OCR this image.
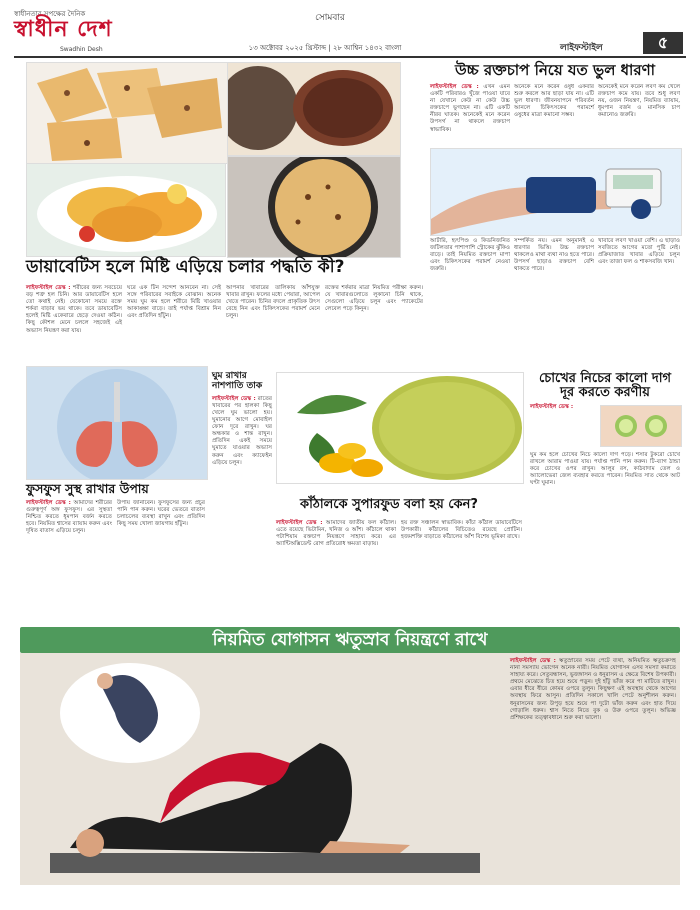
স্বাধীনতার সপক্ষের দৈনিক
স্বাধীন দেশ
Swadhin Desh
সোমবার
১৩ অক্টোবর ২০২৫ খ্রিস্টাব্দ | ২৮ আশ্বিন ১৪৩২ বাংলা	লাইফস্টাইল	৫
ডায়াবেটিস হলে মিষ্টি এড়িয়ে চলার পদ্ধতি কী?
লাইফস্টাইল ডেস্ক : শরীরের জন্য সবচেয়ে বড় শত্রু হল চিনি। আর ডায়াবেটিস হলে তো কথাই নেই। যেকোনো সময়ে রক্তে শর্করা বাড়ার ভয় থাকে। তবে ডায়াবেটিস হলেই মিষ্টি একেবারে ছেড়ে দেওয়া কঠিন। কিছু কৌশল মেনে চললে সহজেই এই অভ্যাস নিয়ন্ত্রণ করা যায়।
ঘরে এক টিন সন্দেশ আনবেন না। সেই সঙ্গে পরিবারের সবাইকে বোঝান। অনেক সময় ঘুম কম হলে শরীরে মিষ্টি খাওয়ার আকাঙ্ক্ষা বাড়ে। তাই পর্যাপ্ত বিশ্রাম নিন এবং প্রতিদিন হাঁটুন।
আপনার খাবারের তালিকায় আঁশযুক্ত খাবার রাখুন। ফলের মধ্যে পেয়ারা, আপেল খেতে পারেন। চিনির বদলে প্রাকৃতিক উৎস বেছে নিন এবং চিকিৎসকের পরামর্শ মেনে চলুন।
রক্তের শর্করার মাত্রা নিয়মিত পরীক্ষা করুন। যে খাবারগুলোতে লুকানো চিনি থাকে, সেগুলো এড়িয়ে চলুন এবং প্যাকেটের লেবেল পড়ে কিনুন।
উচ্চ রক্তচাপ নিয়ে যত ভুল ধারণা
লাইফস্টাইল ডেস্ক : এখন এমন একটি পরিবারও খুঁজে পাওয়া যাবে না যেখানে কেউ না কেউ উচ্চ রক্তচাপে ভুগছেন না। এটি একটি নীরব ঘাতক। অনেকেই মনে করেন উপসর্গ না থাকলে রক্তচাপ স্বাভাবিক।
অনেকে মনে করেন ওষুধ একবার শুরু করলে আর ছাড়া যায় না। এটি ভুল ধারণা। জীবনযাপনে পরিবর্তন আনলে চিকিৎসকের পরামর্শে ওষুধের মাত্রা কমানো সম্ভব।
অনেকেই মনে করেন লবণ কম খেলে রক্তচাপ কমে যায়। তবে শুধু লবণ নয়, ওজন নিয়ন্ত্রণ, নিয়মিত ব্যায়াম, ধূমপান বর্জন ও মানসিক চাপ কমানোও জরুরি।
আর্টারি, হৃৎপিণ্ড ও কিডনিজনিত জটিলতার পাশাপাশি স্ট্রোকের ঝুঁকিও বাড়ে। তাই নিয়মিত রক্তচাপ মাপা এবং চিকিৎসকের পরামর্শ নেওয়া জরুরি।
সম্পর্কিত নয়। এমন অনুমানই এ ধারণার ভিত্তি। উচ্চ রক্তচাপ থাকলেও মাথা ব্যথা নাও হতে পারে। উপসর্গ ছাড়াও রক্তচাপ বেশি থাকতে পারে।
খাবারে লবণ খাওয়া বেশি। এ ছাড়াও সবজিতে আগের মতো পুষ্টি নেই। প্রক্রিয়াজাত খাবার এড়িয়ে চলুন এবং তাজা ফল ও শাকসবজি খান।
ফুসফুস সুস্থ রাখার উপায়
লাইফস্টাইল ডেস্ক : আমাদের শরীরের গুরুত্বপূর্ণ অঙ্গ ফুসফুস। এর সুস্থতা নিশ্চিত করতে ধূমপান বর্জন করতে হবে। নিয়মিত শ্বাসের ব্যায়াম করুন এবং দূষিত বাতাস এড়িয়ে চলুন।
উপায় জানাবেন। ফুসফুসের জন্য প্রচুর পানি পান করুন। ঘরের ভেতরে বাতাস চলাচলের ব্যবস্থা রাখুন এবং প্রতিদিন কিছু সময় খোলা জায়গায় হাঁটুন।
ঘুম রাখার নাশপাতি তাক
লাইফস্টাইল ডেস্ক : রাতের খাবারের পর হালকা কিছু খেলে ঘুম ভালো হয়। ঘুমানোর আগে মোবাইল ফোন দূরে রাখুন। ঘর অন্ধকার ও শান্ত রাখুন। প্রতিদিন একই সময়ে ঘুমাতে যাওয়ার অভ্যাস করুন এবং ক্যাফেইন এড়িয়ে চলুন।
কাঁঠালকে সুপারফুড বলা হয় কেন?
লাইফস্টাইল ডেস্ক : আমাদের জাতীয় ফল কাঁঠাল। এতে রয়েছে ভিটামিন, খনিজ ও আঁশ। কাঁঠালে থাকা পটাশিয়াম রক্তচাপ নিয়ন্ত্রণে সাহায্য করে। এর অ্যান্টিঅক্সিডেন্ট রোগ প্রতিরোধ ক্ষমতা বাড়ায়।
হয় রক্ত সঞ্চালন স্বাভাবিক। কাঁচা কাঁঠাল ডায়াবেটিসে উপকারী। কাঁঠালের বিচিতেও রয়েছে প্রোটিন। হজমশক্তি বাড়াতে কাঁঠালের আঁশ বিশেষ ভূমিকা রাখে।
চোখের নিচের কালো দাগ দূর করতে করণীয়
লাইফস্টাইল ডেস্ক :
ঘুম কম হলে চোখের নিচে কালো দাগ পড়ে। শসার টুকরো চোখে রাখলে আরাম পাওয়া যায়। পর্যাপ্ত পানি পান করুন। টি-ব্যাগ ঠান্ডা করে চোখের ওপর রাখুন। আলুর রস, কাঠবাদাম তেল ও অ্যালোভেরা জেল ব্যবহার করতে পারেন। নিয়মিত সাত থেকে আট ঘণ্টা ঘুমান।
নিয়মিত যোগাসন ঋতুস্রাব নিয়ন্ত্রণে রাখে
লাইফস্টাইল ডেস্ক : ঋতুস্রাবের সময় পেটে ব্যথা, অনিয়মিত ঋতুচক্রসহ নানা সমস্যায় ভোগেন অনেক নারী। নিয়মিত যোগাসন এসব সমস্যা কমাতে সাহায্য করে। সেতুবন্ধাসন, ভুজঙ্গাসন ও ধনুরাসন এ ক্ষেত্রে বিশেষ উপকারী। প্রথমে মেঝেতে চিত হয়ে শুয়ে পড়ুন। দুই হাঁটু ভাঁজ করে পা মাটিতে রাখুন। এবার ধীরে ধীরে কোমর ওপরে তুলুন। কিছুক্ষণ এই অবস্থায় থেকে আগের অবস্থায় ফিরে আসুন। প্রতিদিন সকালে খালি পেটে অনুশীলন করুন। ধনুরাসনের জন্য উপুড় হয়ে শুয়ে পা দুটো ভাঁজ করুন এবং হাত দিয়ে গোড়ালি ধরুন। শ্বাস নিতে নিতে বুক ও উরু ওপরে তুলুন। অভিজ্ঞ প্রশিক্ষকের তত্ত্বাবধানে শুরু করা ভালো।
